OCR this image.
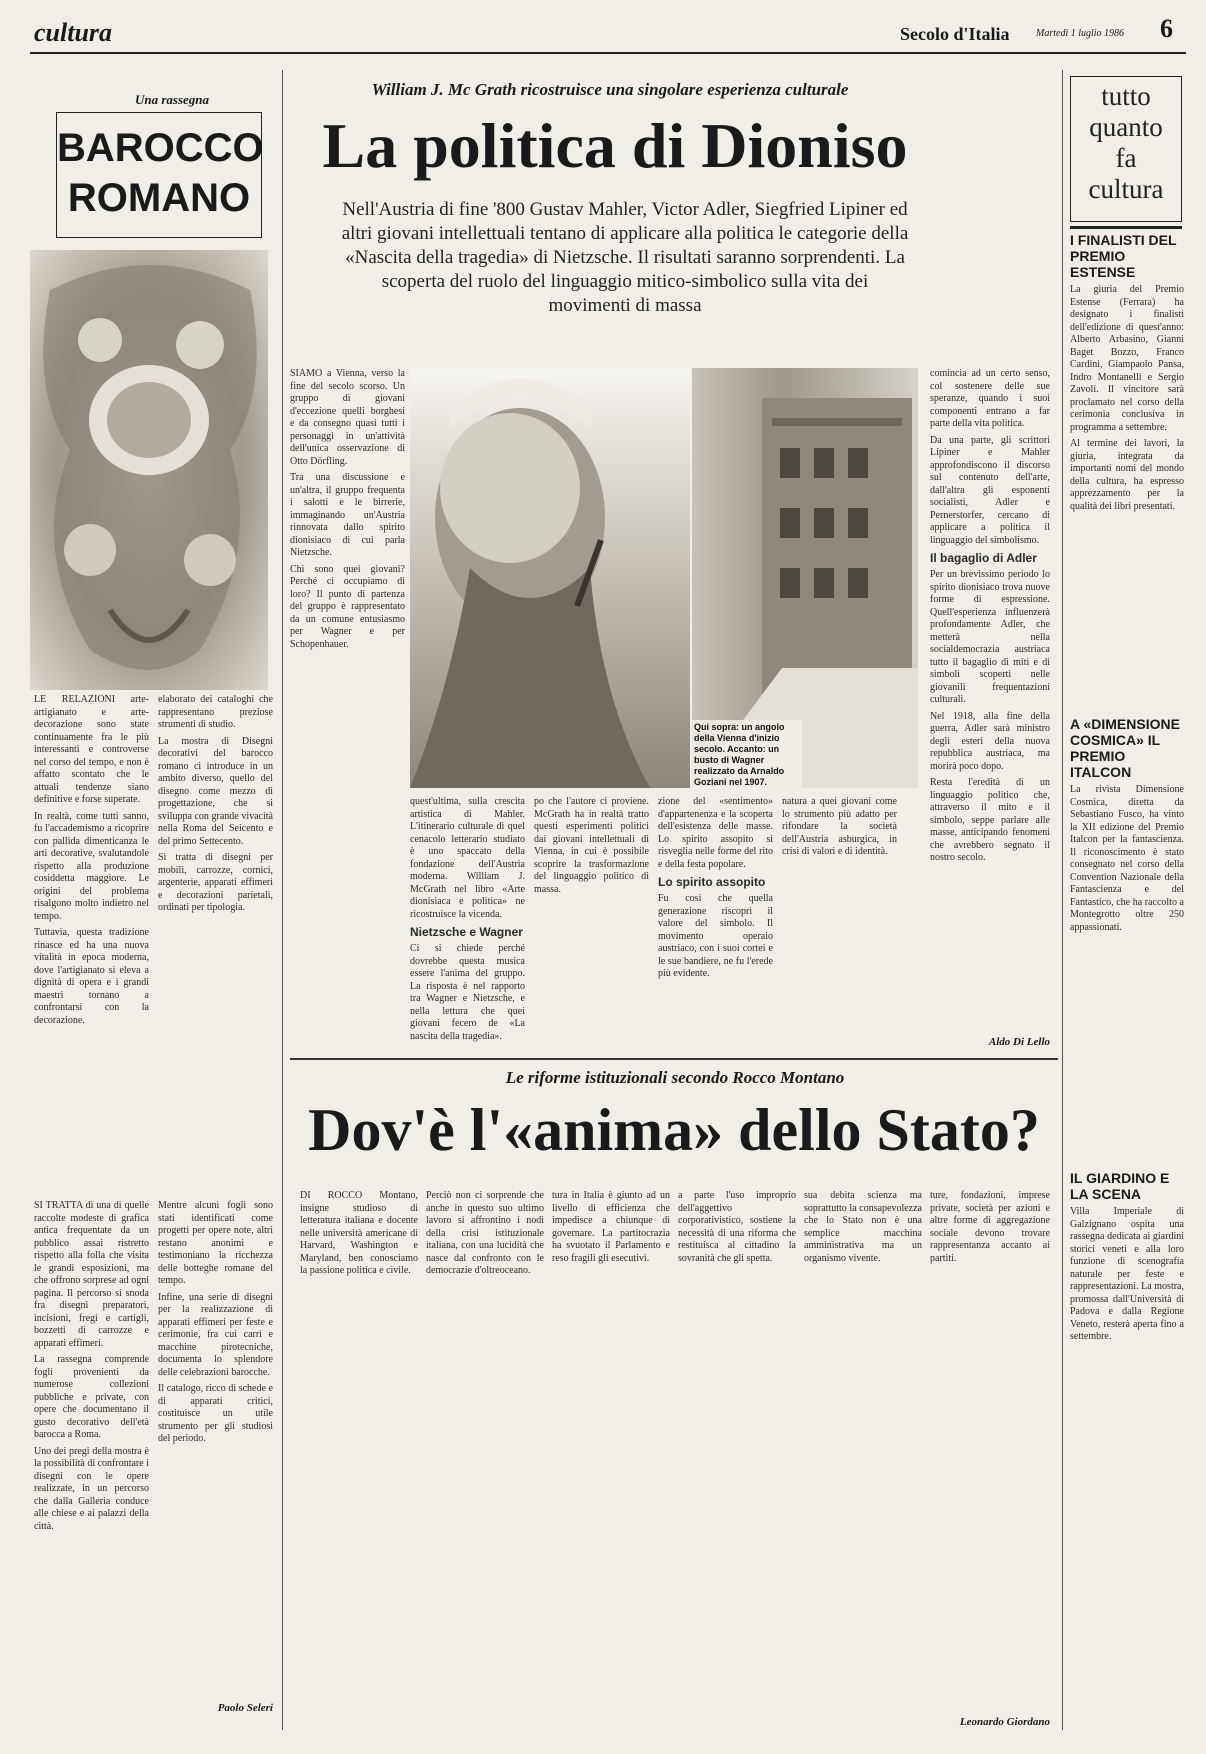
cultura	Secolo d'Italia	Martedì 1 luglio 1986 6
Una rassegna
BAROCCO
ROMANO

LE RELAZIONI arte-artigianato e arte-decorazione sono state continuamente fra le più interessanti e controverse nel corso del tempo, e non è affatto scontato che le attuali tendenze siano definitive e forse superate.

In realtà, come tutti sanno, fu l'accademismo a ricoprire con pallida dimenticanza le arti decorative, svalutandole rispetto alla produzione cosiddetta maggiore. Le origini del problema risalgono molto indietro nel tempo.

Tuttavia, questa tradizione rinasce ed ha una nuova vitalità in epoca moderna, dove l'artigianato si eleva a dignità di opera e i grandi maestri tornano a confrontarsi con la decorazione.

elaborato dei cataloghi che rappresentano preziose strumenti di studio.

La mostra di Disegni decorativi del barocco romano ci introduce in un ambito diverso, quello del disegno come mezzo di progettazione, che si sviluppa con grande vivacità nella Roma del Seicento e del primo Settecento.

Si tratta di disegni per mobili, carrozze, cornici, argenterie, apparati effimeri e decorazioni parietali, ordinati per tipologia.

SI TRATTA di una di quelle raccolte modeste di grafica antica frequentate da un pubblico assai ristretto rispetto alla folla che visita le grandi esposizioni, ma che offrono sorprese ad ogni pagina. Il percorso si snoda fra disegni preparatori, incisioni, fregi e cartigli, bozzetti di carrozze e apparati effimeri.

La rassegna comprende fogli provenienti da numerose collezioni pubbliche e private, con opere che documentano il gusto decorativo dell'età barocca a Roma.

Uno dei pregi della mostra è la possibilità di confrontare i disegni con le opere realizzate, in un percorso che dalla Galleria conduce alle chiese e ai palazzi della città.

Mentre alcuni fogli sono stati identificati come progetti per opere note, altri restano anonimi e testimoniano la ricchezza delle botteghe romane del tempo.

Infine, una serie di disegni per la realizzazione di apparati effimeri per feste e cerimonie, fra cui carri e macchine pirotecniche, documenta lo splendore delle celebrazioni barocche.

Il catalogo, ricco di schede e di apparati critici, costituisce un utile strumento per gli studiosi del periodo.

Paolo Seleri
William J. Mc Grath ricostruisce una singolare esperienza culturale
La politica di Dioniso
Nell'Austria di fine '800 Gustav Mahler, Victor Adler, Siegfried Lipiner ed altri giovani intellettuali tentano di applicare alla politica le categorie della «Nascita della tragedia» di Nietzsche. Il risultati saranno sorprendenti. La scoperta del ruolo del linguaggio mitico-simbolico sulla vita dei movimenti di massa

SIAMO a Vienna, verso la fine del secolo scorso. Un gruppo di giovani d'eccezione quelli borghesi e da consegno quasi tutti i personaggi in un'attività dell'unica osservazione di Otto Dörfling.

Tra una discussione e un'altra, il gruppo frequenta i salotti e le birrerie, immaginando un'Austria rinnovata dallo spirito dionisiaco di cui parla Nietzsche.

Chi sono quei giovani? Perché ci occupiamo di loro? Il punto di partenza del gruppo è rappresentato da un comune entusiasmo per Wagner e per Schopenhauer.

Qui sopra: un angolo della Vienna d'inizio secolo. Accanto: un busto di Wagner realizzato da Arnaldo Goziani nel 1907.

comincia ad un certo senso, col sostenere delle sue speranze, quando i suoi componenti entrano a far parte della vita politica.

Da una parte, gli scrittori Lipiner e Mahler approfondiscono il discorso sul contenuto dell'arte, dall'altra gli esponenti socialisti, Adler e Pernerstorfer, cercano di applicare a politica il linguaggio del simbolismo.

Il bagaglio di Adler

Per un brevissimo periodo lo spirito dionisiaco trova nuove forme di espressione. Quell'esperienza influenzerà profondamente Adler, che metterà nella socialdemocrazia austriaca tutto il bagaglio di miti e di simboli scoperti nelle giovanili frequentazioni culturali.

Nel 1918, alla fine della guerra, Adler sarà ministro degli esteri della nuova repubblica austriaca, ma morirà poco dopo.

Resta l'eredità di un linguaggio politico che, attraverso il mito e il simbolo, seppe parlare alle masse, anticipando fenomeni che avrebbero segnato il nostro secolo.

quest'ultima, sulla crescita artistica di Mahler. L'itinerario culturale di quel cenacolo letterario studiato è uno spaccato della fondazione dell'Austria moderna. William J. McGrath nel libro «Arte dionisiaca e politica» ne ricostruisce la vicenda.

Nietzsche e Wagner

Ci si chiede perché dovrebbe questa musica essere l'anima del gruppo. La risposta è nel rapporto tra Wagner e Nietzsche, e nella lettura che quei giovani fecero de «La nascita della tragedia».

po che l'autore ci proviene. McGrath ha in realtà tratto questi esperimenti politici dai giovani intellettuali di Vienna, in cui è possibile scoprire la trasformazione del linguaggio politico di massa.

zione del «sentimento» d'appartenenza e la scoperta dell'esistenza delle masse. Lo spirito assopito si risveglia nelle forme del rito e della festa popolare.

Lo spirito assopito

Fu così che quella generazione riscoprì il valore del simbolo. Il movimento operaio austriaco, con i suoi cortei e le sue bandiere, ne fu l'erede più evidente.

natura a quei giovani come lo strumento più adatto per rifondare la società dell'Austria asburgica, in crisi di valori e di identità.

Aldo Di Lello
Le riforme istituzionali secondo Rocco Montano
Dov'è l'«anima» dello Stato?

DI ROCCO Montano, insigne studioso di letteratura italiana e docente nelle università americane di Harvard, Washington e Maryland, ben conosciamo la passione politica e civile.

Perciò non ci sorprende che anche in questo suo ultimo lavoro si affrontino i nodi della crisi istituzionale italiana, con una lucidità che nasce dal confronto con le democrazie d'oltreoceano.

tura in Italia è giunto ad un livello di efficienza che impedisce a chiunque di governare. La partitocrazia ha svuotato il Parlamento e reso fragili gli esecutivi.

a parte l'uso improprio dell'aggettivo corporativistico, sostiene la necessità di una riforma che restituisca al cittadino la sovranità che gli spetta.

sua debita scienza ma soprattutto la consapevolezza che lo Stato non è una semplice macchina amministrativa ma un organismo vivente.

ture, fondazioni, imprese private, società per azioni e altre forme di aggregazione sociale devono trovare rappresentanza accanto ai partiti.

Leonardo Giordano
tutto
quanto
fa
cultura
I FINALISTI DEL PREMIO ESTENSE

La giuria del Premio Estense (Ferrara) ha designato i finalisti dell'edizione di quest'anno: Alberto Arbasino, Gianni Baget Bozzo, Franco Cardini, Giampaolo Pansa, Indro Montanelli e Sergio Zavoli. Il vincitore sarà proclamato nel corso della cerimonia conclusiva in programma a settembre.

Al termine dei lavori, la giuria, integrata da importanti nomi del mondo della cultura, ha espresso apprezzamento per la qualità dei libri presentati.

A «DIMENSIONE COSMICA» IL PREMIO ITALCON

La rivista Dimensione Cosmica, diretta da Sebastiano Fusco, ha vinto la XII edizione del Premio Italcon per la fantascienza. Il riconoscimento è stato consegnato nel corso della Convention Nazionale della Fantascienza e del Fantastico, che ha raccolto a Montegrotto oltre 250 appassionati.

IL GIARDINO E LA SCENA

Villa Imperiale di Galzignano ospita una rassegna dedicata ai giardini storici veneti e alla loro funzione di scenografia naturale per feste e rappresentazioni. La mostra, promossa dall'Università di Padova e dalla Regione Veneto, resterà aperta fino a settembre.
